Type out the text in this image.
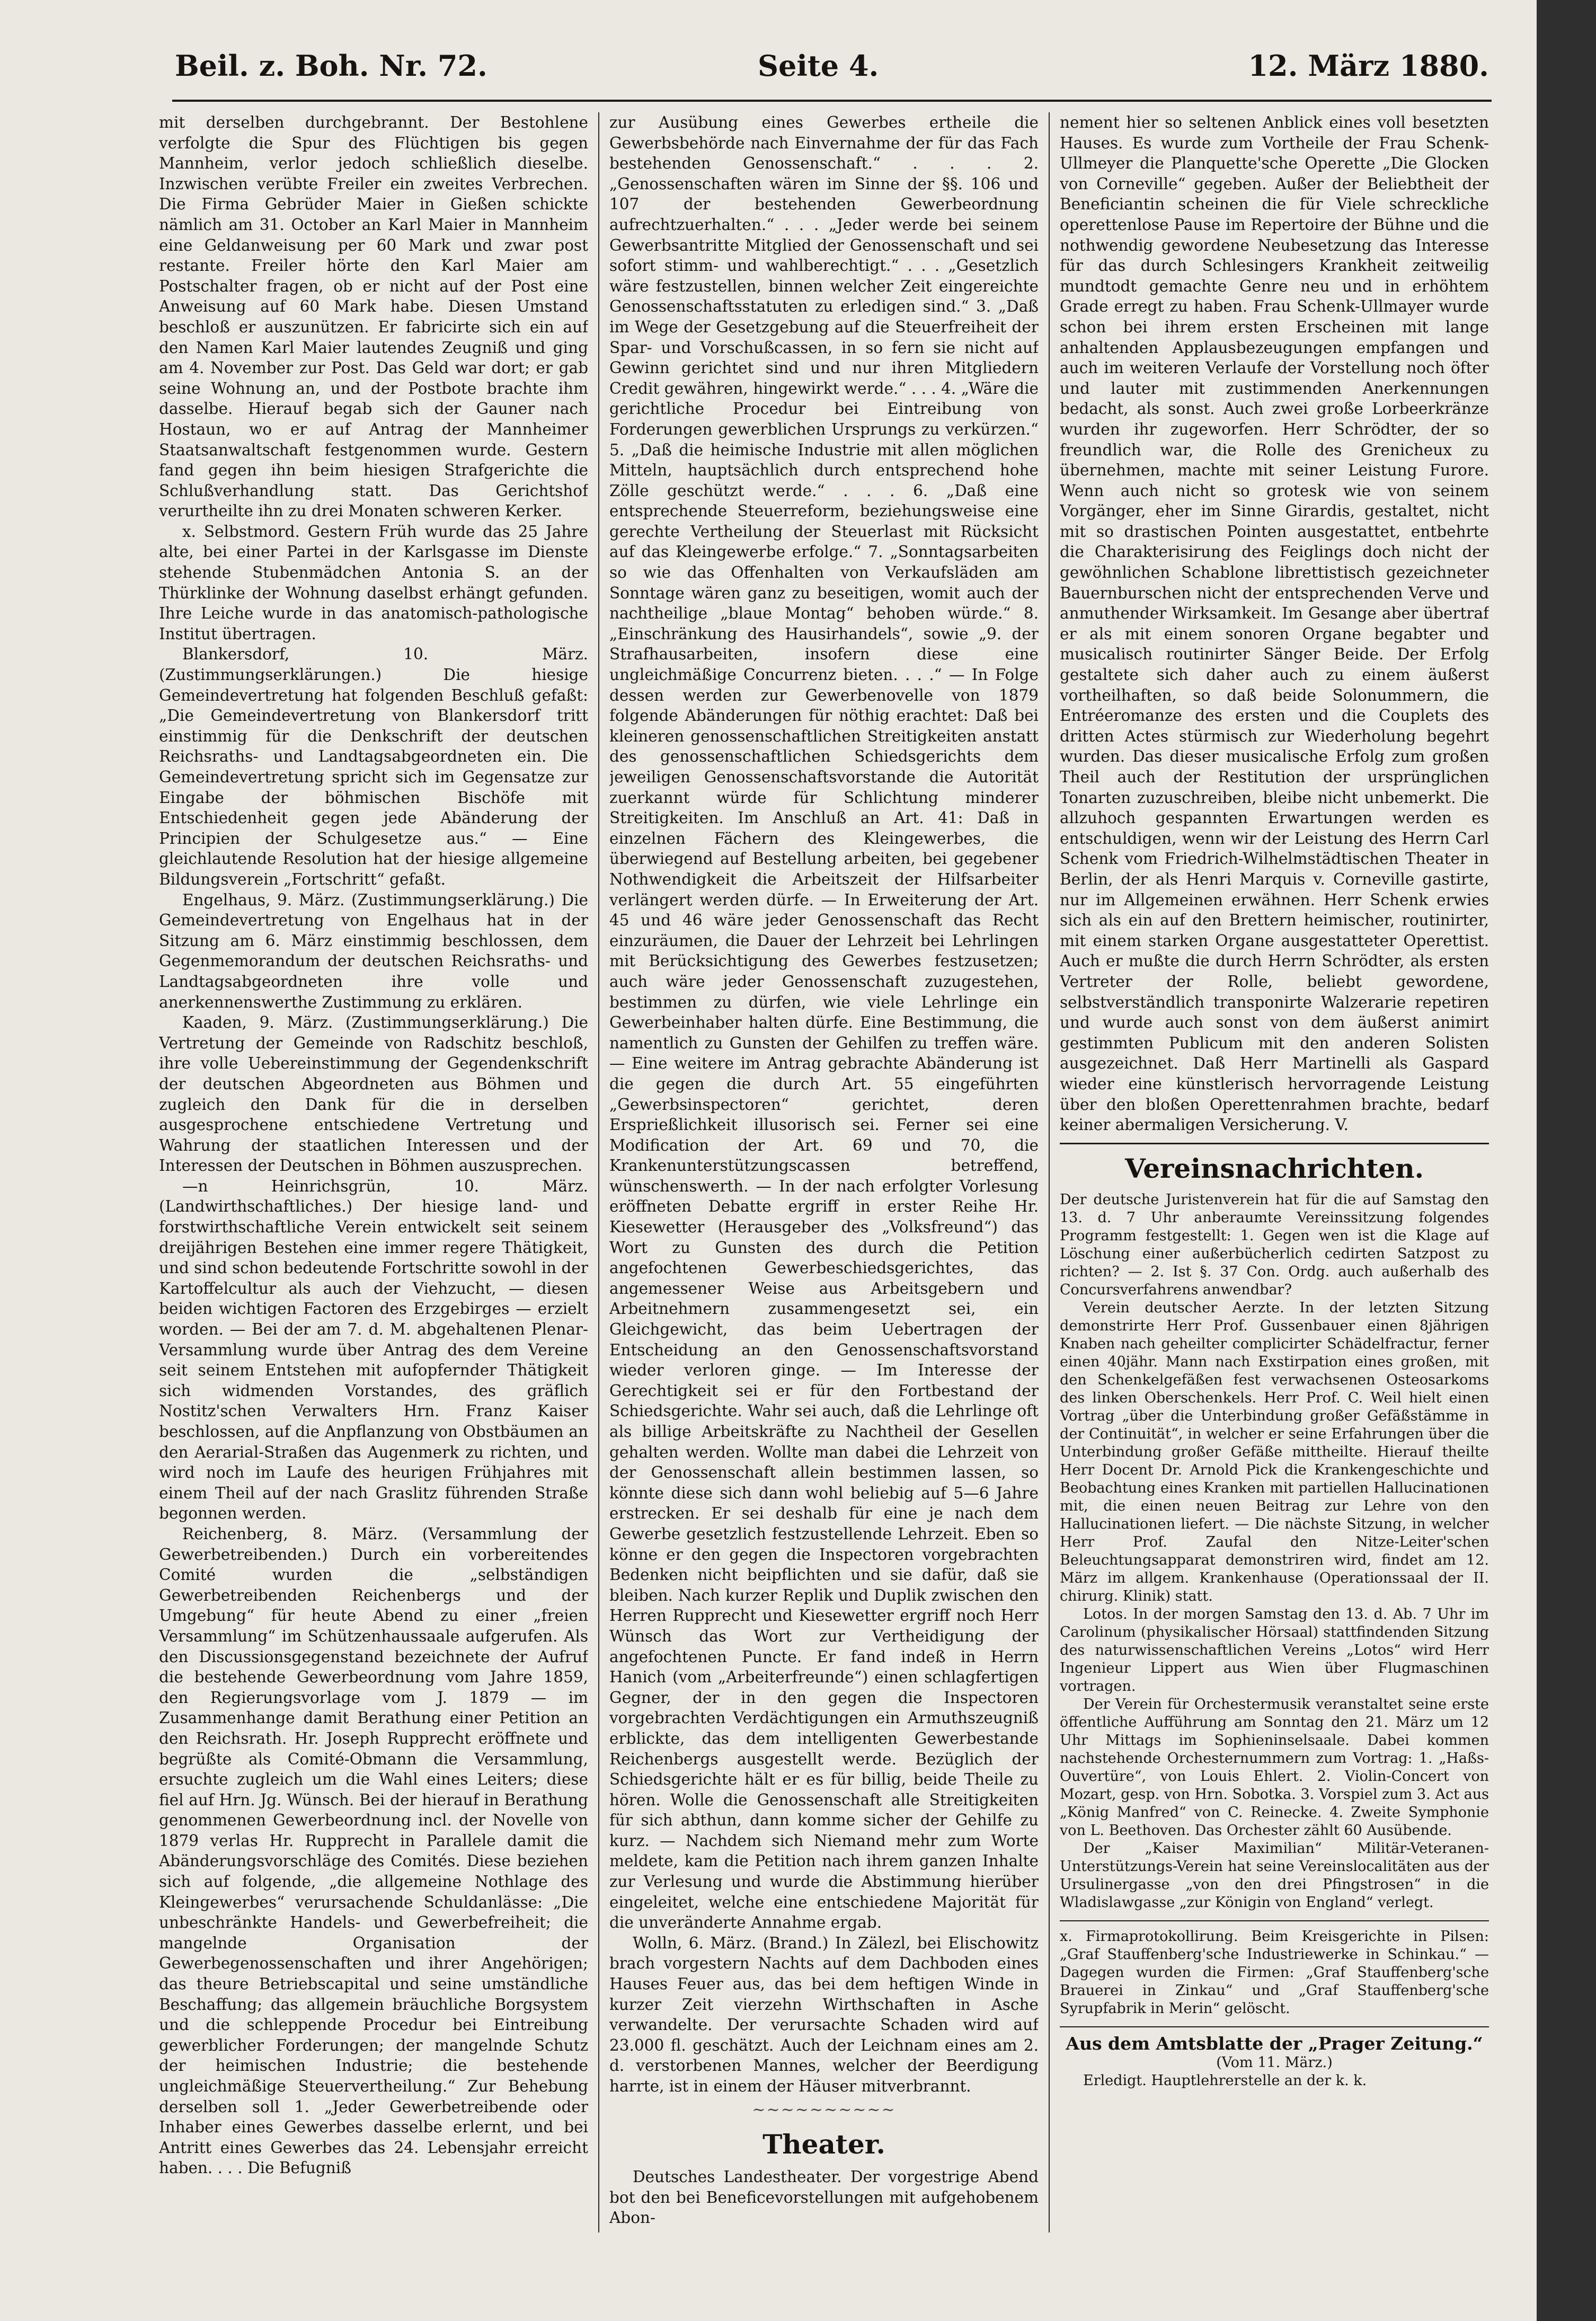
Beil. z. Boh. Nr. 72.	Seite 4.	12. März 1880.

mit derselben durchgebrannt. Der Bestohlene verfolgte die Spur des Flüchtigen bis gegen Mannheim, verlor jedoch schließlich dieselbe. Inzwischen verübte Freiler ein zweites Verbrechen. Die Firma Gebrüder Maier in Gießen schickte nämlich am 31. October an Karl Maier in Mannheim eine Geldanweisung per 60 Mark und zwar post restante. Freiler hörte den Karl Maier am Postschalter fragen, ob er nicht auf der Post eine Anweisung auf 60 Mark habe. Diesen Umstand beschloß er auszunützen. Er fabricirte sich ein auf den Namen Karl Maier lautendes Zeugniß und ging am 4. November zur Post. Das Geld war dort; er gab seine Wohnung an, und der Postbote brachte ihm dasselbe. Hierauf begab sich der Gauner nach Hostaun, wo er auf Antrag der Mannheimer Staatsanwaltschaft festgenommen wurde. Gestern fand gegen ihn beim hiesigen Strafgerichte die Schlußverhandlung statt. Das Gerichtshof verurtheilte ihn zu drei Monaten schweren Kerker.

x. Selbstmord. Gestern Früh wurde das 25 Jahre alte, bei einer Partei in der Karlsgasse im Dienste stehende Stubenmädchen Antonia S. an der Thürklinke der Wohnung daselbst erhängt gefunden. Ihre Leiche wurde in das anatomisch-pathologische Institut übertragen.

Blankersdorf, 10. März. (Zustimmungserklärungen.) Die hiesige Gemeindevertretung hat folgenden Beschluß gefaßt: „Die Gemeindevertretung von Blankersdorf tritt einstimmig für die Denkschrift der deutschen Reichsraths- und Landtagsabgeordneten ein. Die Gemeindevertretung spricht sich im Gegensatze zur Eingabe der böhmischen Bischöfe mit Entschiedenheit gegen jede Abänderung der Principien der Schulgesetze aus.“ — Eine gleichlautende Resolution hat der hiesige allgemeine Bildungsverein „Fortschritt“ gefaßt.

Engelhaus, 9. März. (Zustimmungserklärung.) Die Gemeindevertretung von Engelhaus hat in der Sitzung am 6. März einstimmig beschlossen, dem Gegenmemorandum der deutschen Reichsraths- und Landtagsabgeordneten ihre volle und anerkennenswerthe Zustimmung zu erklären.

Kaaden, 9. März. (Zustimmungserklärung.) Die Vertretung der Gemeinde von Radschitz beschloß, ihre volle Uebereinstimmung der Gegendenkschrift der deutschen Abgeordneten aus Böhmen und zugleich den Dank für die in derselben ausgesprochene entschiedene Vertretung und Wahrung der staatlichen Interessen und der Interessen der Deutschen in Böhmen auszusprechen.

—n Heinrichsgrün, 10. März. (Landwirthschaftliches.) Der hiesige land- und forstwirthschaftliche Verein entwickelt seit seinem dreijährigen Bestehen eine immer regere Thätigkeit, und sind schon bedeutende Fortschritte sowohl in der Kartoffelcultur als auch der Viehzucht, — diesen beiden wichtigen Factoren des Erzgebirges — erzielt worden. — Bei der am 7. d. M. abgehaltenen Plenar-Versammlung wurde über Antrag des dem Vereine seit seinem Entstehen mit aufopfernder Thätigkeit sich widmenden Vorstandes, des gräflich Nostitz'schen Verwalters Hrn. Franz Kaiser beschlossen, auf die Anpflanzung von Obstbäumen an den Aerarial-Straßen das Augenmerk zu richten, und wird noch im Laufe des heurigen Frühjahres mit einem Theil auf der nach Graslitz führenden Straße begonnen werden.

Reichenberg, 8. März. (Versammlung der Gewerbetreibenden.) Durch ein vorbereitendes Comité wurden die „selbständigen Gewerbetreibenden Reichenbergs und der Umgebung“ für heute Abend zu einer „freien Versammlung“ im Schützenhaussaale aufgerufen. Als den Discussionsgegenstand bezeichnete der Aufruf die bestehende Gewerbeordnung vom Jahre 1859, den Regierungsvorlage vom J. 1879 — im Zusammenhange damit Berathung einer Petition an den Reichsrath. Hr. Joseph Rupprecht eröffnete und begrüßte als Comité-Obmann die Versammlung, ersuchte zugleich um die Wahl eines Leiters; diese fiel auf Hrn. Jg. Wünsch. Bei der hierauf in Berathung genommenen Gewerbeordnung incl. der Novelle von 1879 verlas Hr. Rupprecht in Parallele damit die Abänderungsvorschläge des Comités. Diese beziehen sich auf folgende, „die allgemeine Nothlage des Kleingewerbes“ verursachende Schuldanlässe: „Die unbeschränkte Handels- und Gewerbefreiheit; die mangelnde Organisation der Gewerbegenossenschaften und ihrer Angehörigen; das theure Betriebscapital und seine umständliche Beschaffung; das allgemein bräuchliche Borgsystem und die schleppende Procedur bei Eintreibung gewerblicher Forderungen; der mangelnde Schutz der heimischen Industrie; die bestehende ungleichmäßige Steuervertheilung.“ Zur Behebung derselben soll 1. „Jeder Gewerbetreibende oder Inhaber eines Gewerbes dasselbe erlernt, und bei Antritt eines Gewerbes das 24. Lebensjahr erreicht haben. . . . Die Befugniß

zur Ausübung eines Gewerbes ertheile die Gewerbsbehörde nach Einvernahme der für das Fach bestehenden Genossenschaft.“ . . . 2. „Genossenschaften wären im Sinne der §§. 106 und 107 der bestehenden Gewerbeordnung aufrechtzuerhalten.“ . . . „Jeder werde bei seinem Gewerbsantritte Mitglied der Genossenschaft und sei sofort stimm- und wahlberechtigt.“ . . . „Gesetzlich wäre festzustellen, binnen welcher Zeit eingereichte Genossenschaftsstatuten zu erledigen sind.“ 3. „Daß im Wege der Gesetzgebung auf die Steuerfreiheit der Spar- und Vorschußcassen, in so fern sie nicht auf Gewinn gerichtet sind und nur ihren Mitgliedern Credit gewähren, hingewirkt werde.“ . . . 4. „Wäre die gerichtliche Procedur bei Eintreibung von Forderungen gewerblichen Ursprungs zu verkürzen.“ 5. „Daß die heimische Industrie mit allen möglichen Mitteln, hauptsächlich durch entsprechend hohe Zölle geschützt werde.“ . . . 6. „Daß eine entsprechende Steuerreform, beziehungsweise eine gerechte Vertheilung der Steuerlast mit Rücksicht auf das Kleingewerbe erfolge.“ 7. „Sonntagsarbeiten so wie das Offenhalten von Verkaufsläden am Sonntage wären ganz zu beseitigen, womit auch der nachtheilige „blaue Montag“ behoben würde.“ 8. „Einschränkung des Hausirhandels“, sowie „9. der Strafhausarbeiten, insofern diese eine ungleichmäßige Concurrenz bieten. . . .“ — In Folge dessen werden zur Gewerbenovelle von 1879 folgende Abänderungen für nöthig erachtet: Daß bei kleineren genossenschaftlichen Streitigkeiten anstatt des genossenschaftlichen Schiedsgerichts dem jeweiligen Genossenschaftsvorstande die Autorität zuerkannt würde für Schlichtung minderer Streitigkeiten. Im Anschluß an Art. 41: Daß in einzelnen Fächern des Kleingewerbes, die überwiegend auf Bestellung arbeiten, bei gegebener Nothwendigkeit die Arbeitszeit der Hilfsarbeiter verlängert werden dürfe. — In Erweiterung der Art. 45 und 46 wäre jeder Genossenschaft das Recht einzuräumen, die Dauer der Lehrzeit bei Lehrlingen mit Berücksichtigung des Gewerbes festzusetzen; auch wäre jeder Genossenschaft zuzugestehen, bestimmen zu dürfen, wie viele Lehrlinge ein Gewerbeinhaber halten dürfe. Eine Bestimmung, die namentlich zu Gunsten der Gehilfen zu treffen wäre. — Eine weitere im Antrag gebrachte Abänderung ist die gegen die durch Art. 55 eingeführten „Gewerbsinspectoren“ gerichtet, deren Ersprießlichkeit illusorisch sei. Ferner sei eine Modification der Art. 69 und 70, die Krankenunterstützungscassen betreffend, wünschenswerth. — In der nach erfolgter Vorlesung eröffneten Debatte ergriff in erster Reihe Hr. Kiesewetter (Herausgeber des „Volksfreund“) das Wort zu Gunsten des durch die Petition angefochtenen Gewerbeschiedsgerichtes, das angemessener Weise aus Arbeitsgebern und Arbeitnehmern zusammengesetzt sei, ein Gleichgewicht, das beim Uebertragen der Entscheidung an den Genossenschaftsvorstand wieder verloren ginge. — Im Interesse der Gerechtigkeit sei er für den Fortbestand der Schiedsgerichte. Wahr sei auch, daß die Lehrlinge oft als billige Arbeitskräfte zu Nachtheil der Gesellen gehalten werden. Wollte man dabei die Lehrzeit von der Genossenschaft allein bestimmen lassen, so könnte diese sich dann wohl beliebig auf 5—6 Jahre erstrecken. Er sei deshalb für eine je nach dem Gewerbe gesetzlich festzustellende Lehrzeit. Eben so könne er den gegen die Inspectoren vorgebrachten Bedenken nicht beipflichten und sie dafür, daß sie bleiben. Nach kurzer Replik und Duplik zwischen den Herren Rupprecht und Kiesewetter ergriff noch Herr Wünsch das Wort zur Vertheidigung der angefochtenen Puncte. Er fand indeß in Herrn Hanich (vom „Arbeiterfreunde“) einen schlagfertigen Gegner, der in den gegen die Inspectoren vorgebrachten Verdächtigungen ein Armuthszeugniß erblickte, das dem intelligenten Gewerbestande Reichenbergs ausgestellt werde. Bezüglich der Schiedsgerichte hält er es für billig, beide Theile zu hören. Wolle die Genossenschaft alle Streitigkeiten für sich abthun, dann komme sicher der Gehilfe zu kurz. — Nachdem sich Niemand mehr zum Worte meldete, kam die Petition nach ihrem ganzen Inhalte zur Verlesung und wurde die Abstimmung hierüber eingeleitet, welche eine entschiedene Majorität für die unveränderte Annahme ergab.

Wolln, 6. März. (Brand.) In Zälezl, bei Elischowitz brach vorgestern Nachts auf dem Dachboden eines Hauses Feuer aus, das bei dem heftigen Winde in kurzer Zeit vierzehn Wirthschaften in Asche verwandelte. Der verursachte Schaden wird auf 23.000 fl. geschätzt. Auch der Leichnam eines am 2. d. verstorbenen Mannes, welcher der Beerdigung harrte, ist in einem der Häuser mitverbrannt.

~~~~~~~~~~

Theater.

Deutsches Landestheater. Der vorgestrige Abend bot den bei Beneficevorstellungen mit aufgehobenem Abon-

nement hier so seltenen Anblick eines voll besetzten Hauses. Es wurde zum Vortheile der Frau Schenk-Ullmeyer die Planquette'sche Operette „Die Glocken von Corneville“ gegeben. Außer der Beliebtheit der Beneficiantin scheinen die für Viele schreckliche operettenlose Pause im Repertoire der Bühne und die nothwendig gewordene Neubesetzung das Interesse für das durch Schlesingers Krankheit zeitweilig mundtodt gemachte Genre neu und in erhöhtem Grade erregt zu haben. Frau Schenk-Ullmayer wurde schon bei ihrem ersten Erscheinen mit lange anhaltenden Applausbezeugungen empfangen und auch im weiteren Verlaufe der Vorstellung noch öfter und lauter mit zustimmenden Anerkennungen bedacht, als sonst. Auch zwei große Lorbeerkränze wurden ihr zugeworfen. Herr Schrödter, der so freundlich war, die Rolle des Grenicheux zu übernehmen, machte mit seiner Leistung Furore. Wenn auch nicht so grotesk wie von seinem Vorgänger, eher im Sinne Girardis, gestaltet, nicht mit so drastischen Pointen ausgestattet, entbehrte die Charakterisirung des Feiglings doch nicht der gewöhnlichen Schablone librettistisch gezeichneter Bauernburschen nicht der entsprechenden Verve und anmuthender Wirksamkeit. Im Gesange aber übertraf er als mit einem sonoren Organe begabter und musicalisch routinirter Sänger Beide. Der Erfolg gestaltete sich daher auch zu einem äußerst vortheilhaften, so daß beide Solonummern, die Entréeromanze des ersten und die Couplets des dritten Actes stürmisch zur Wiederholung begehrt wurden. Das dieser musicalische Erfolg zum großen Theil auch der Restitution der ursprünglichen Tonarten zuzuschreiben, bleibe nicht unbemerkt. Die allzuhoch gespannten Erwartungen werden es entschuldigen, wenn wir der Leistung des Herrn Carl Schenk vom Friedrich-Wilhelmstädtischen Theater in Berlin, der als Henri Marquis v. Corneville gastirte, nur im Allgemeinen erwähnen. Herr Schenk erwies sich als ein auf den Brettern heimischer, routinirter, mit einem starken Organe ausgestatteter Operettist. Auch er mußte die durch Herrn Schrödter, als ersten Vertreter der Rolle, beliebt gewordene, selbstverständlich transponirte Walzerarie repetiren und wurde auch sonst von dem äußerst animirt gestimmten Publicum mit den anderen Solisten ausgezeichnet. Daß Herr Martinelli als Gaspard wieder eine künstlerisch hervorragende Leistung über den bloßen Operettenrahmen brachte, bedarf keiner abermaligen Versicherung. V.

Vereinsnachrichten.

Der deutsche Juristenverein hat für die auf Samstag den 13. d. 7 Uhr anberaumte Vereinssitzung folgendes Programm festgestellt: 1. Gegen wen ist die Klage auf Löschung einer außerbücherlich cedirten Satzpost zu richten? — 2. Ist §. 37 Con. Ordg. auch außerhalb des Concursverfahrens anwendbar?

Verein deutscher Aerzte. In der letzten Sitzung demonstrirte Herr Prof. Gussenbauer einen 8jährigen Knaben nach geheilter complicirter Schädelfractur, ferner einen 40jähr. Mann nach Exstirpation eines großen, mit den Schenkelgefäßen fest verwachsenen Osteosarkoms des linken Oberschenkels. Herr Prof. C. Weil hielt einen Vortrag „über die Unterbindung großer Gefäßstämme in der Continuität“, in welcher er seine Erfahrungen über die Unterbindung großer Gefäße mittheilte. Hierauf theilte Herr Docent Dr. Arnold Pick die Krankengeschichte und Beobachtung eines Kranken mit partiellen Hallucinationen mit, die einen neuen Beitrag zur Lehre von den Hallucinationen liefert. — Die nächste Sitzung, in welcher Herr Prof. Zaufal den Nitze-Leiter'schen Beleuchtungsapparat demonstriren wird, findet am 12. März im allgem. Krankenhause (Operationssaal der II. chirurg. Klinik) statt.

Lotos. In der morgen Samstag den 13. d. Ab. 7 Uhr im Carolinum (physikalischer Hörsaal) stattfindenden Sitzung des naturwissenschaftlichen Vereins „Lotos“ wird Herr Ingenieur Lippert aus Wien über Flugmaschinen vortragen.

Der Verein für Orchestermusik veranstaltet seine erste öffentliche Aufführung am Sonntag den 21. März um 12 Uhr Mittags im Sophieninselsaale. Dabei kommen nachstehende Orchesternummern zum Vortrag: 1. „Haßs-Ouvertüre“, von Louis Ehlert. 2. Violin-Concert von Mozart, gesp. von Hrn. Sobotka. 3. Vorspiel zum 3. Act aus „König Manfred“ von C. Reinecke. 4. Zweite Symphonie von L. Beethoven. Das Orchester zählt 60 Ausübende.

Der „Kaiser Maximilian“ Militär-Veteranen-Unterstützungs-Verein hat seine Vereinslocalitäten aus der Ursulinergasse „von den drei Pfingstrosen“ in die Wladislawgasse „zur Königin von England“ verlegt.

x. Firmaprotokollirung. Beim Kreisgerichte in Pilsen: „Graf Stauffenberg'sche Industriewerke in Schinkau.“ — Dagegen wurden die Firmen: „Graf Stauffenberg'sche Brauerei in Zinkau“ und „Graf Stauffenberg'sche Syrupfabrik in Merin“ gelöscht.

Aus dem Amtsblatte der „Prager Zeitung.“

(Vom 11. März.)

Erledigt. Hauptlehrerstelle an der k. k.
